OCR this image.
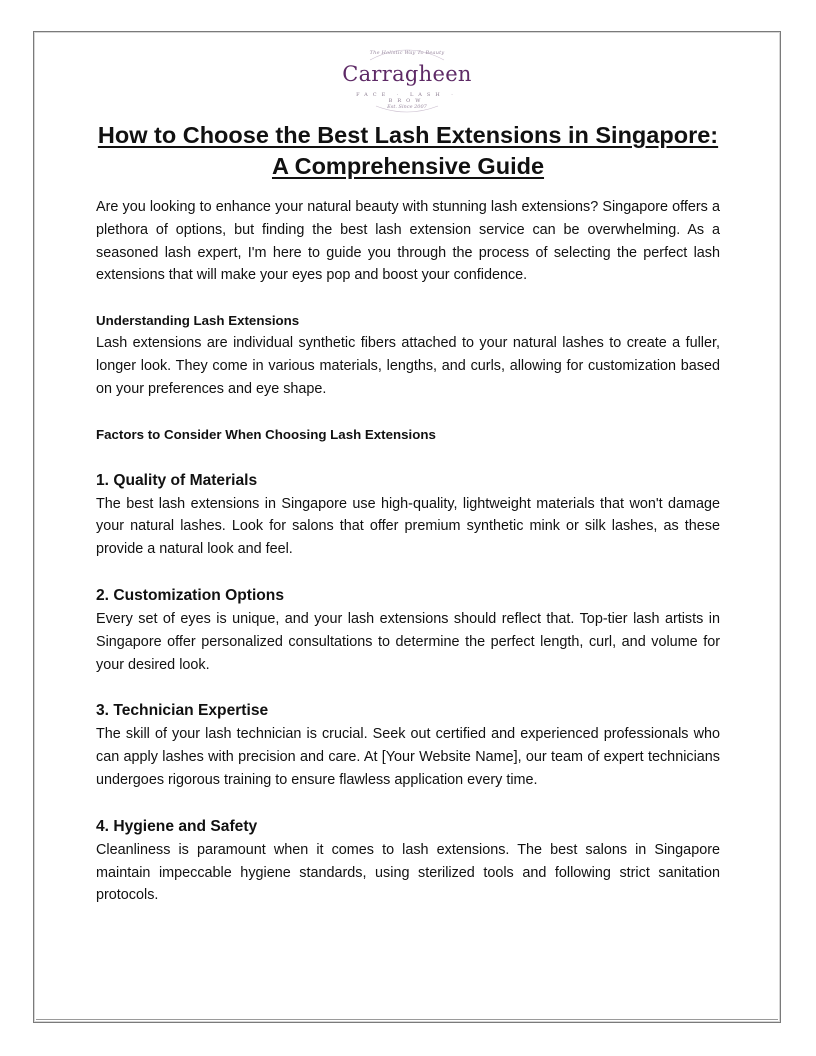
The Holistic Way To Beauty
Carragheen
FACE · LASH · BROW
Est. Since 2007
How to Choose the Best Lash Extensions in Singapore: A Comprehensive Guide

Are you looking to enhance your natural beauty with stunning lash extensions? Singapore offers a plethora of options, but finding the best lash extension service can be overwhelming. As a seasoned lash expert, I'm here to guide you through the process of selecting the perfect lash extensions that will make your eyes pop and boost your confidence.

Understanding Lash Extensions

Lash extensions are individual synthetic fibers attached to your natural lashes to create a fuller, longer look. They come in various materials, lengths, and curls, allowing for customization based on your preferences and eye shape.

Factors to Consider When Choosing Lash Extensions
1. Quality of Materials

The best lash extensions in Singapore use high-quality, lightweight materials that won't damage your natural lashes. Look for salons that offer premium synthetic mink or silk lashes, as these provide a natural look and feel.

2. Customization Options

Every set of eyes is unique, and your lash extensions should reflect that. Top-tier lash artists in Singapore offer personalized consultations to determine the perfect length, curl, and volume for your desired look.

3. Technician Expertise

The skill of your lash technician is crucial. Seek out certified and experienced professionals who can apply lashes with precision and care. At [Your Website Name], our team of expert technicians undergoes rigorous training to ensure flawless application every time.

4. Hygiene and Safety

Cleanliness is paramount when it comes to lash extensions. The best salons in Singapore maintain impeccable hygiene standards, using sterilized tools and following strict sanitation protocols.
